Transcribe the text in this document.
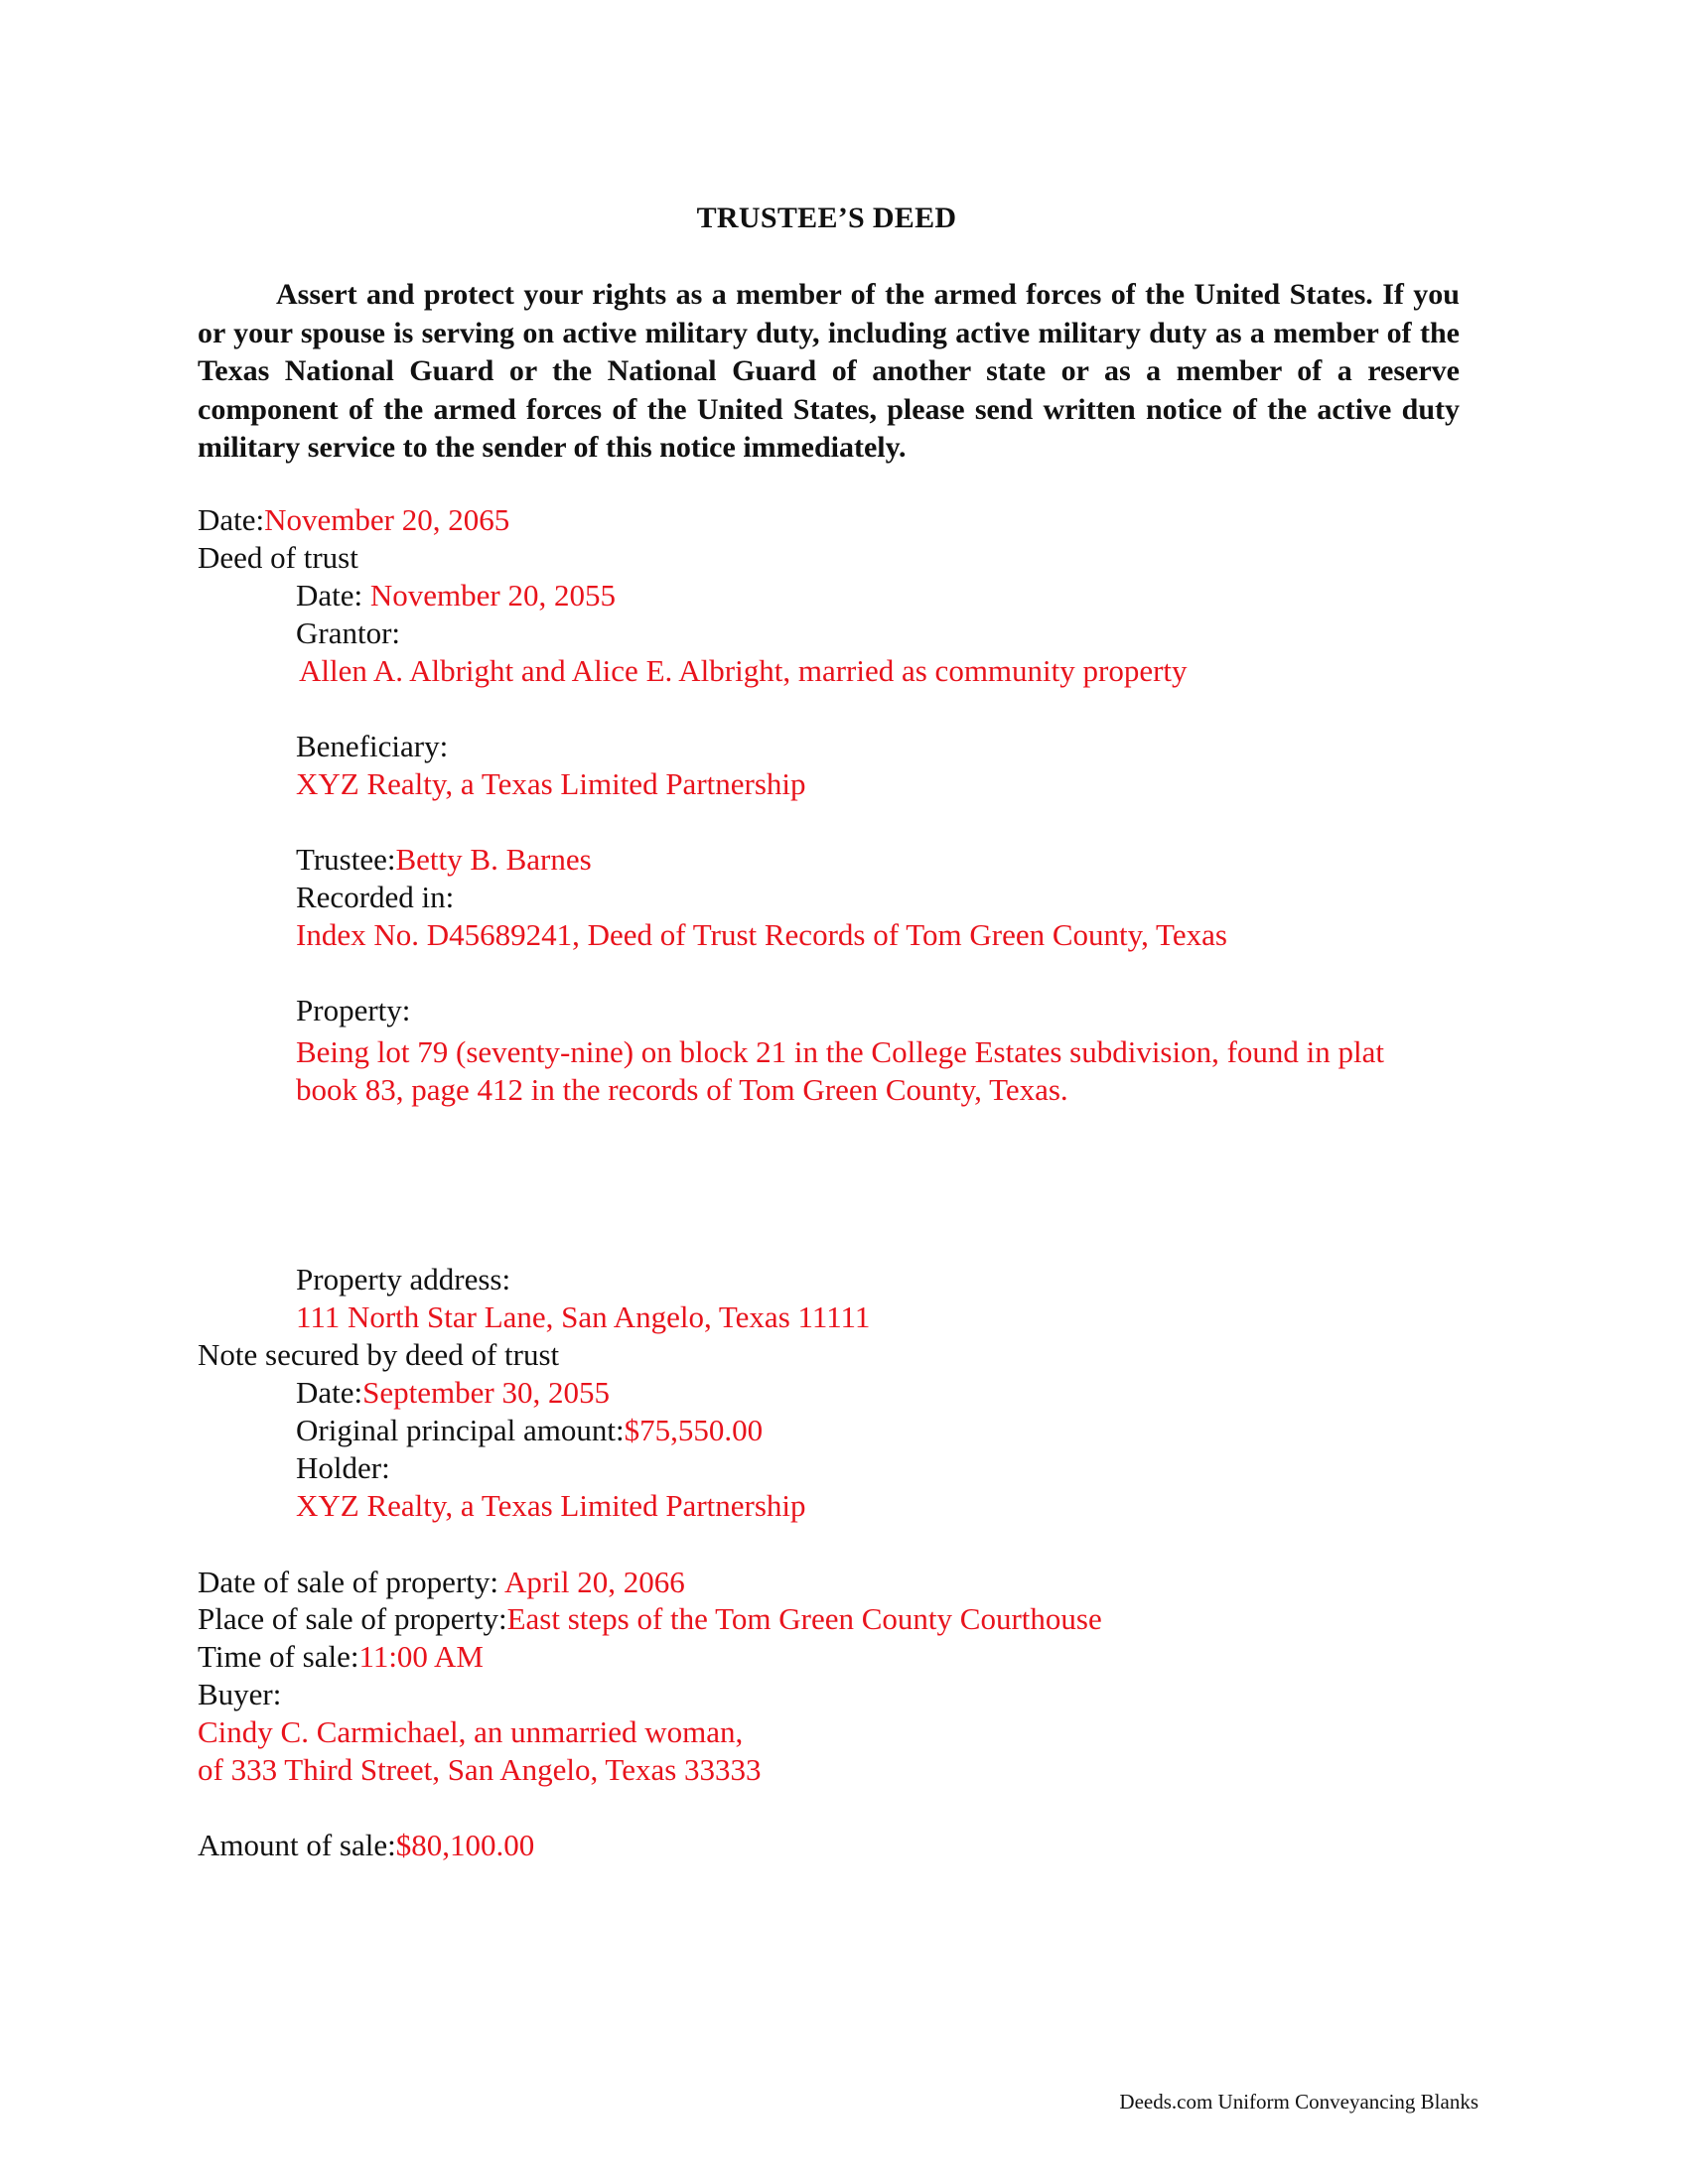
TRUSTEE’S DEED
Assert and protect your rights as a member of the armed forces of the United States. If you or your spouse is serving on active military duty, including active military duty as a member of the Texas National Guard or the National Guard of another state or as a member of a reserve component of the armed forces of the United States, please send written notice of the active duty military service to the sender of this notice immediately.
Date:November 20, 2065
Deed of trust
Date: November 20, 2055
Grantor:
Allen A. Albright and Alice E. Albright, married as community property
Beneficiary:
XYZ Realty, a Texas Limited Partnership
Trustee:Betty B. Barnes
Recorded in:
Index No. D45689241, Deed of Trust Records of Tom Green County, Texas
Property:
Being lot 79 (seventy-nine) on block 21 in the College Estates subdivision, found in plat
book 83, page 412 in the records of Tom Green County, Texas.
Property address:
111 North Star Lane, San Angelo, Texas 11111
Note secured by deed of trust
Date:September 30, 2055
Original principal amount:$75,550.00
Holder:
XYZ Realty, a Texas Limited Partnership
Date of sale of property: April 20, 2066
Place of sale of property:East steps of the Tom Green County Courthouse
Time of sale:11:00 AM
Buyer:
Cindy C. Carmichael, an unmarried woman,
of 333 Third Street, San Angelo, Texas 33333
Amount of sale:$80,100.00
Deeds.com Uniform Conveyancing Blanks
